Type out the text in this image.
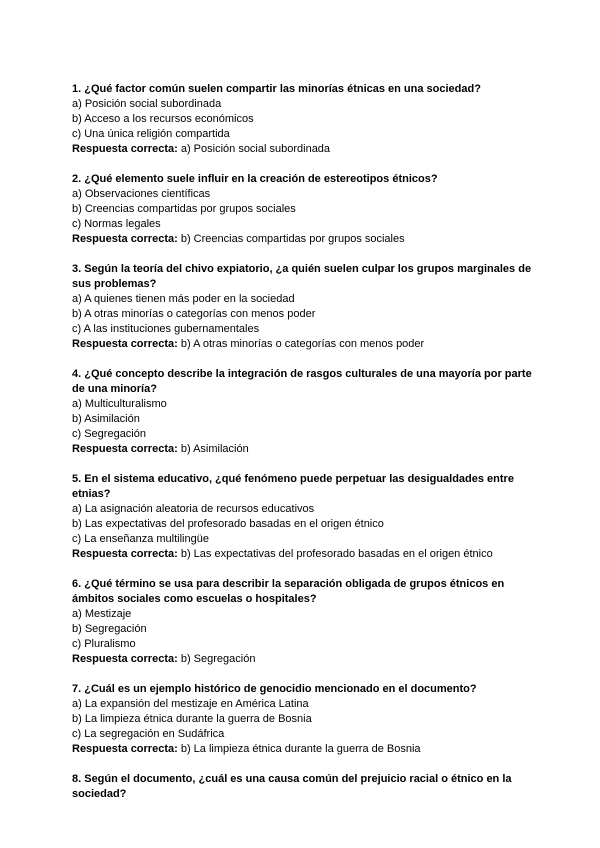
1. ¿Qué factor común suelen compartir las minorías étnicas en una sociedad?

a) Posición social subordinada

b) Acceso a los recursos económicos

c) Una única religión compartida

Respuesta correcta: a) Posición social subordinada

2. ¿Qué elemento suele influir en la creación de estereotipos étnicos?

a) Observaciones científicas

b) Creencias compartidas por grupos sociales

c) Normas legales

Respuesta correcta: b) Creencias compartidas por grupos sociales

3. Según la teoría del chivo expiatorio, ¿a quién suelen culpar los grupos marginales de sus problemas?

a) A quienes tienen más poder en la sociedad

b) A otras minorías o categorías con menos poder

c) A las instituciones gubernamentales

Respuesta correcta: b) A otras minorías o categorías con menos poder

4. ¿Qué concepto describe la integración de rasgos culturales de una mayoría por parte de una minoría?

a) Multiculturalismo

b) Asimilación

c) Segregación

Respuesta correcta: b) Asimilación

5. En el sistema educativo, ¿qué fenómeno puede perpetuar las desigualdades entre etnias?

a) La asignación aleatoria de recursos educativos

b) Las expectativas del profesorado basadas en el origen étnico

c) La enseñanza multilingüe

Respuesta correcta: b) Las expectativas del profesorado basadas en el origen étnico

6. ¿Qué término se usa para describir la separación obligada de grupos étnicos en ámbitos sociales como escuelas o hospitales?

a) Mestizaje

b) Segregación

c) Pluralismo

Respuesta correcta: b) Segregación

7. ¿Cuál es un ejemplo histórico de genocidio mencionado en el documento?

a) La expansión del mestizaje en América Latina

b) La limpieza étnica durante la guerra de Bosnia

c) La segregación en Sudáfrica

Respuesta correcta: b) La limpieza étnica durante la guerra de Bosnia

8. Según el documento, ¿cuál es una causa común del prejuicio racial o étnico en la sociedad?
